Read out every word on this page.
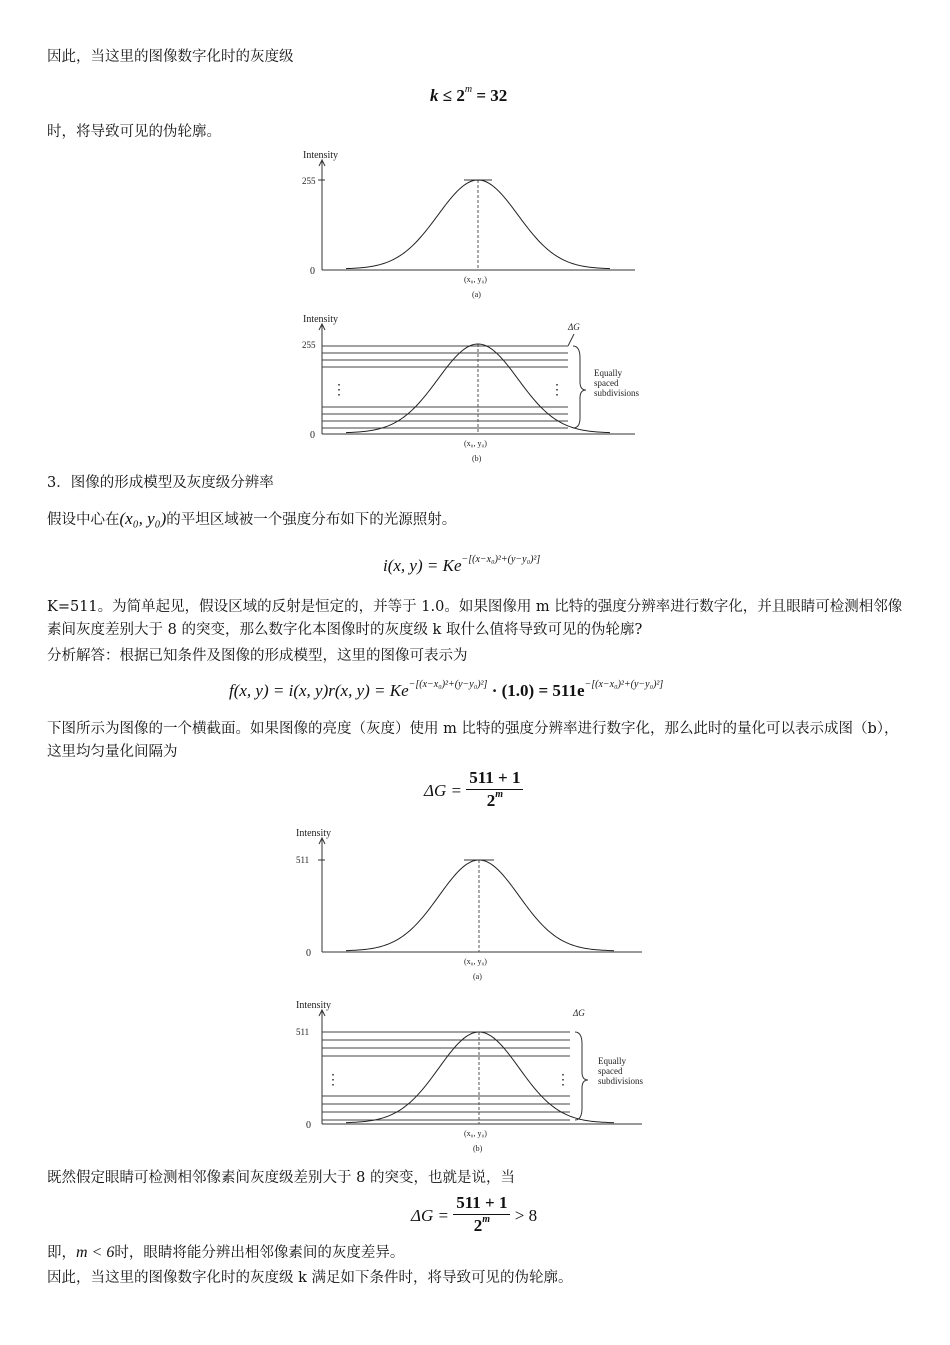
因此，当这里的图像数字化时的灰度级
$k \le 2^m = 32$
时，将导致可见的伪轮廓。
Intensity
255
0
(x₀, y₀)
(a)
Intensity
255
0
⋮	⋮
ΔG
Equally
spaced
subdivisions
(x₀, y₀)
(b)
3．图像的形成模型及灰度级分辨率
假设中心在(x₀, y₀)的平坦区域被一个强度分布如下的光源照射。
i(x, $y) = Ke^{-[(x-x_0)^2+(y-y_0)^2]}$
K=511。为简单起见，假设区域的反射是恒定的，并等于 1.0。如果图像用 m 比特的强度分辨率进行数字化，并且眼睛可检测相邻像素间灰度差别大于 8 的突变，那么数字化本图像时的灰度级 k 取什么值将导致可见的伪轮廓?
分析解答：根据已知条件及图像的形成模型，这里的图像可表示为
f(x, y) = i(x, y)r(x, $y) = Ke^{-[(x-x_0)^2+(y-y_0)^2]} \cdot (1.0) = 511e^{-[(x-x_0)^2+(y-y_0)^2]}$
下图所示为图像的一个横截面。如果图像的亮度（灰度）使用 m 比特的强度分辨率进行数字化，那么此时的量化可以表示成图（b），这里均匀量化间隔为
$\Delta G = \frac{511 + 1}{2^m}$
Intensity
511
0
(x₀, y₀)
(a)
Intensity
511
0
⋮	⋮
ΔG
Equally
spaced
subdivisions
(x₀, y₀)
(b)
既然假定眼睛可检测相邻像素间灰度级差别大于 8 的突变，也就是说，当
$\Delta G = \frac{511 + 1}{2^m} > 8$
即，m < 6时，眼睛将能分辨出相邻像素间的灰度差异。
因此，当这里的图像数字化时的灰度级 k 满足如下条件时，将导致可见的伪轮廓。
